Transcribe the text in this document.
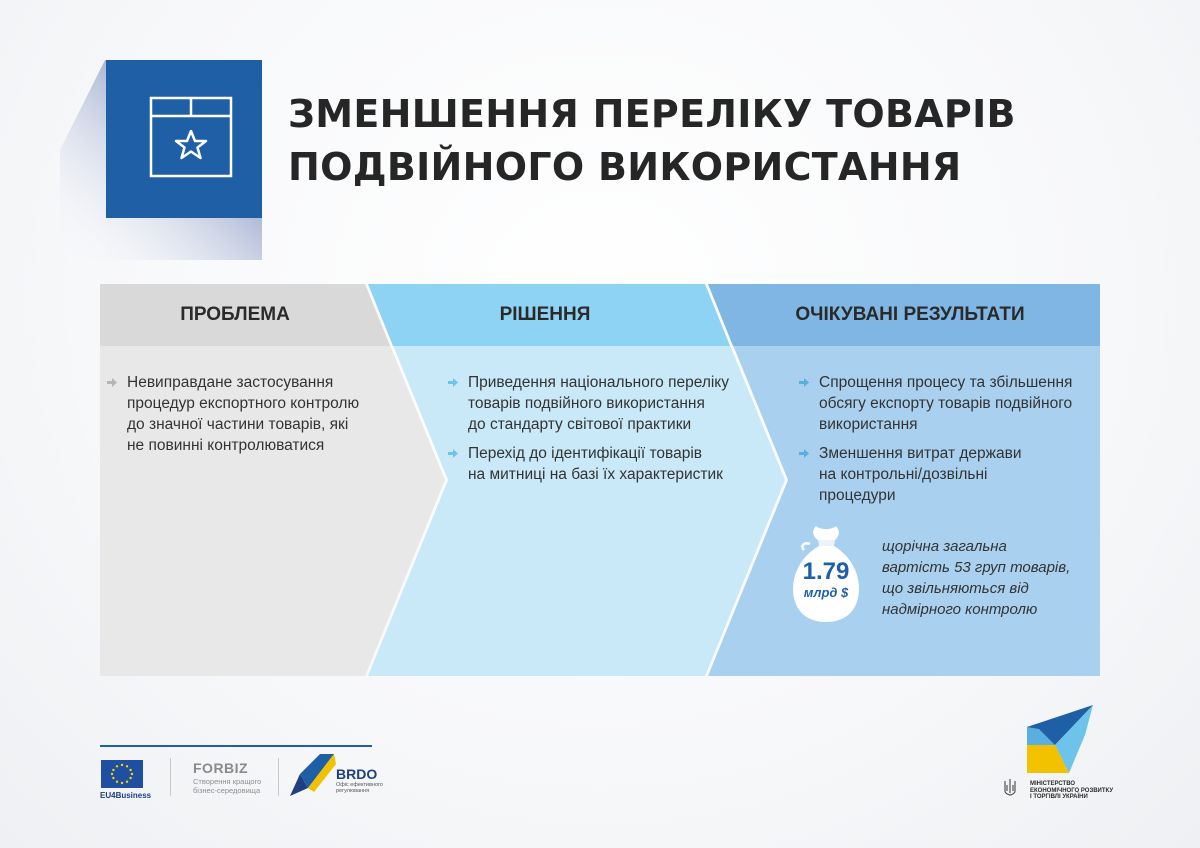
ЗМЕНШЕННЯ ПЕРЕЛІКУ ТОВАРІВ
ПОДВІЙНОГО ВИКОРИСТАННЯ
ПРОБЛЕМА	РІШЕННЯ	ОЧІКУВАНІ РЕЗУЛЬТАТИ
Невиправдане застосування
процедур експортного контролю
до значної частини товарів, які
не повинні контролюватися
Приведення національного переліку
товарів подвійного використання
до стандарту світової практики
Перехід до ідентифікації товарів
на митниці на базі їх характеристик
Спрощення процесу та збільшення
обсягу експорту товарів подвійного
використання
Зменшення витрат держави
на контрольні/дозвільні
процедури
1.79
млрд $
щорічна загальна
вартість 53 груп товарів,
що звільняються від
надмірного контролю
EU4Business
FORBIZ
Створення кращого
бізнес-середовища
BRDO
Офіс ефективного
регулювання
МІНІСТЕРСТВО
ЕКОНОМІЧНОГО РОЗВИТКУ
І ТОРГІВЛІ УКРАЇНИ
